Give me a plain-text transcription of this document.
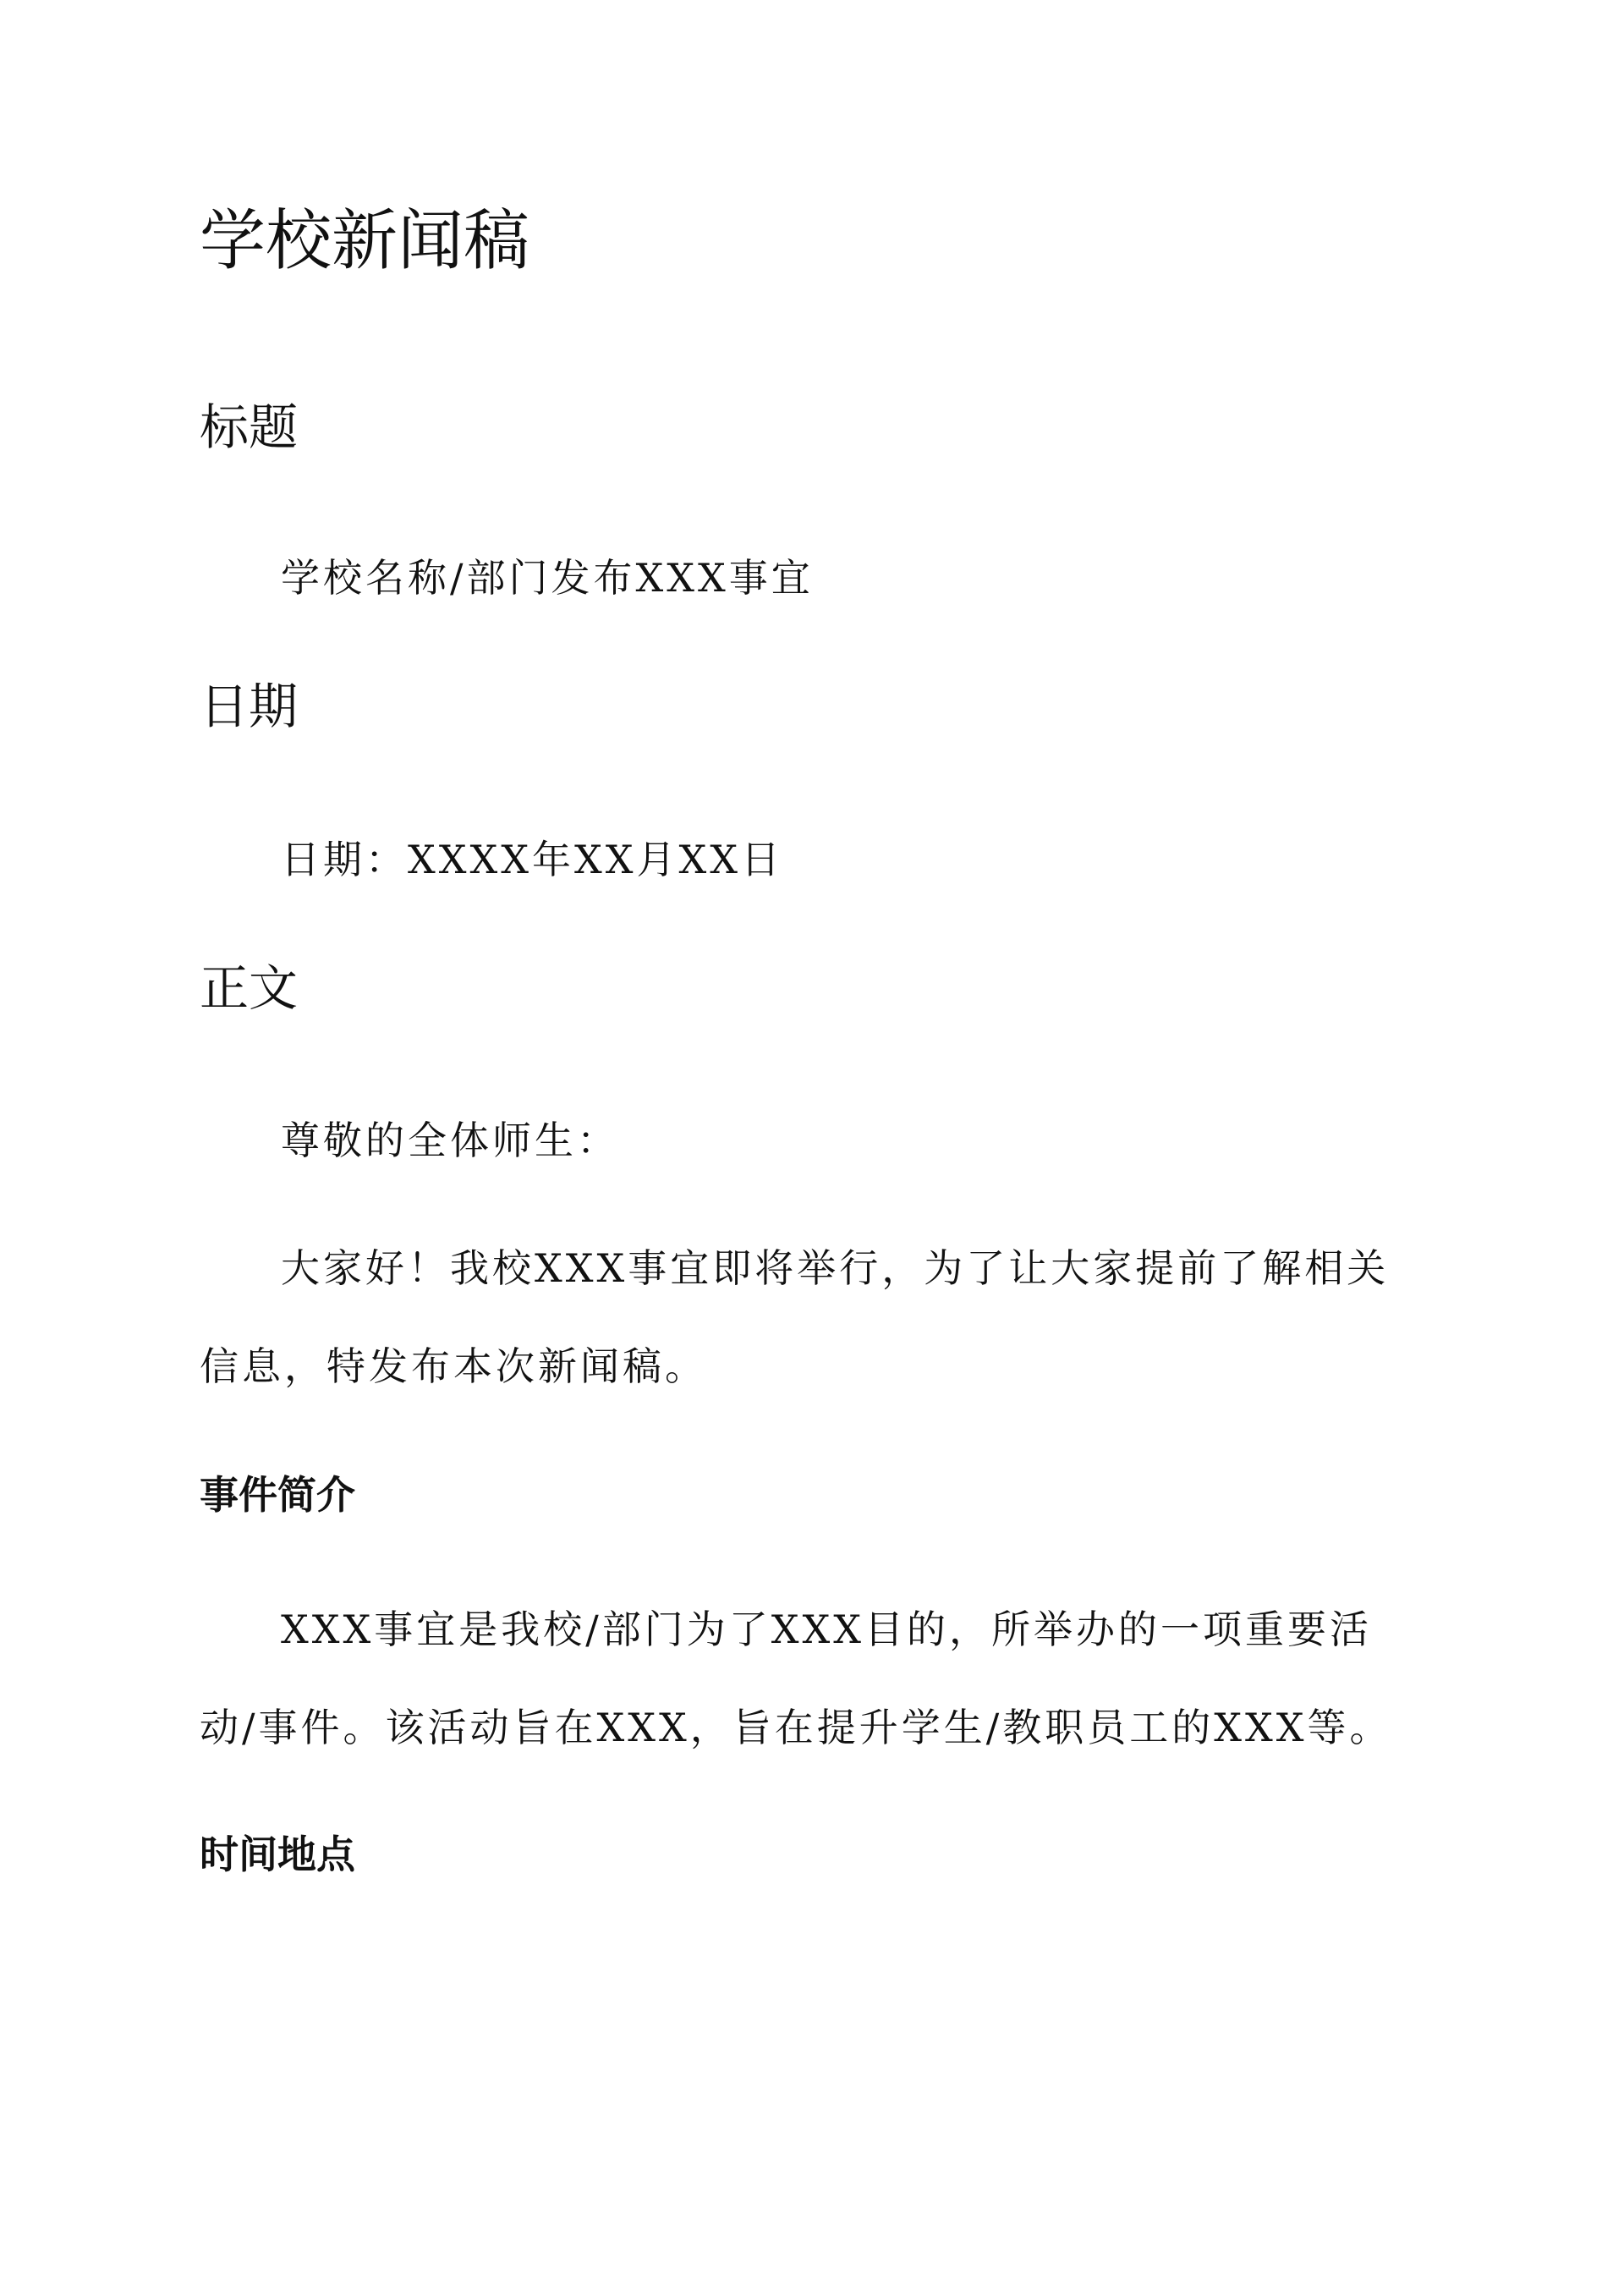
学校新闻稿
标题

学校名称/部门发布XXX事宜

日期

日期：XXXX年XX月XX日

正文

尊敬的全体师生：

大家好！我校XXX事宜即将举行，为了让大家提前了解相关信息，特发布本次新闻稿。

事件简介

XXX事宜是我校/部门为了XXX目的，所举办的一项重要活动/事件。该活动旨在XXX，旨在提升学生/教职员工的XXX等。

时间地点
